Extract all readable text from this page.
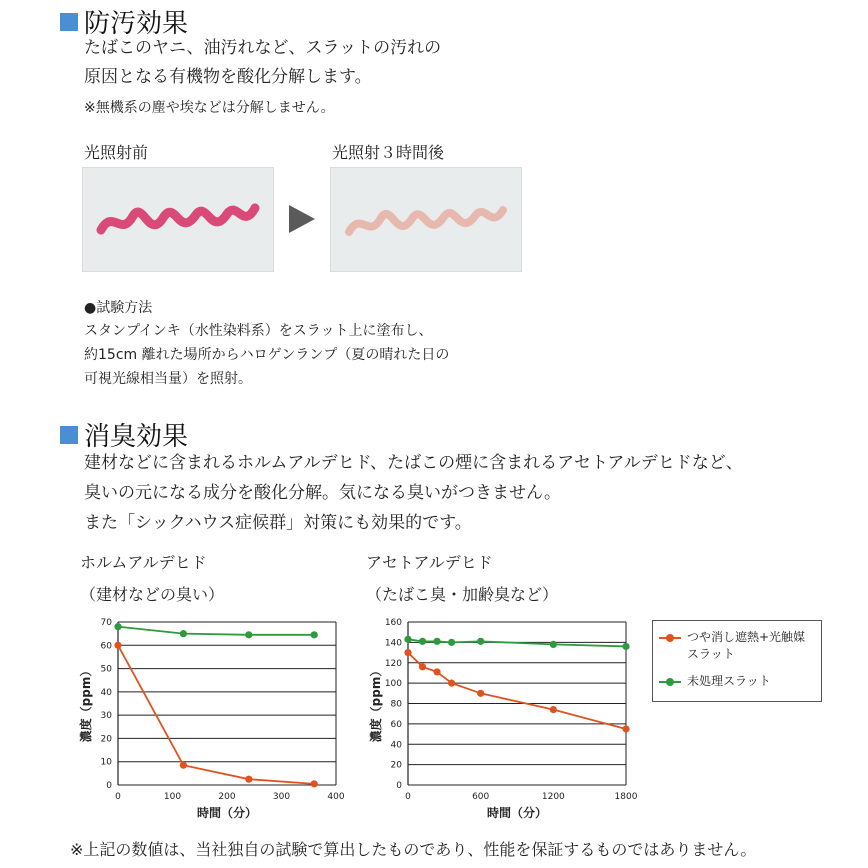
防汚効果
たばこのヤニ、油汚れなど、スラットの汚れの
原因となる有機物を酸化分解します。
※無機系の塵や埃などは分解しません。
光照射前	光照射３時間後
●試験方法
スタンプインキ（水性染料系）をスラット上に塗布し、
約15cm 離れた場所からハロゲンランプ（夏の晴れた日の
可視光線相当量）を照射。
消臭効果
建材などに含まれるホルムアルデヒド、たばこの煙に含まれるアセトアルデヒドなど、
臭いの元になる成分を酸化分解。気になる臭いがつきません。
また「シックハウス症候群」対策にも効果的です。
ホルムアルデヒド
（建材などの臭い）
アセトアルデヒド
（たばこ臭・加齢臭など）
0
10
20
30
40
50
60
70
0	100	200	300	400
時間（分）
濃度（ppm）
0
20
40
60
80
100
120
140
160
0	600	1200	1800
時間（分）
濃度（ppm）
つや消し遮熱+光触媒スラット
未処理スラット
※上記の数値は、当社独自の試験で算出したものであり、性能を保証するものではありません。
